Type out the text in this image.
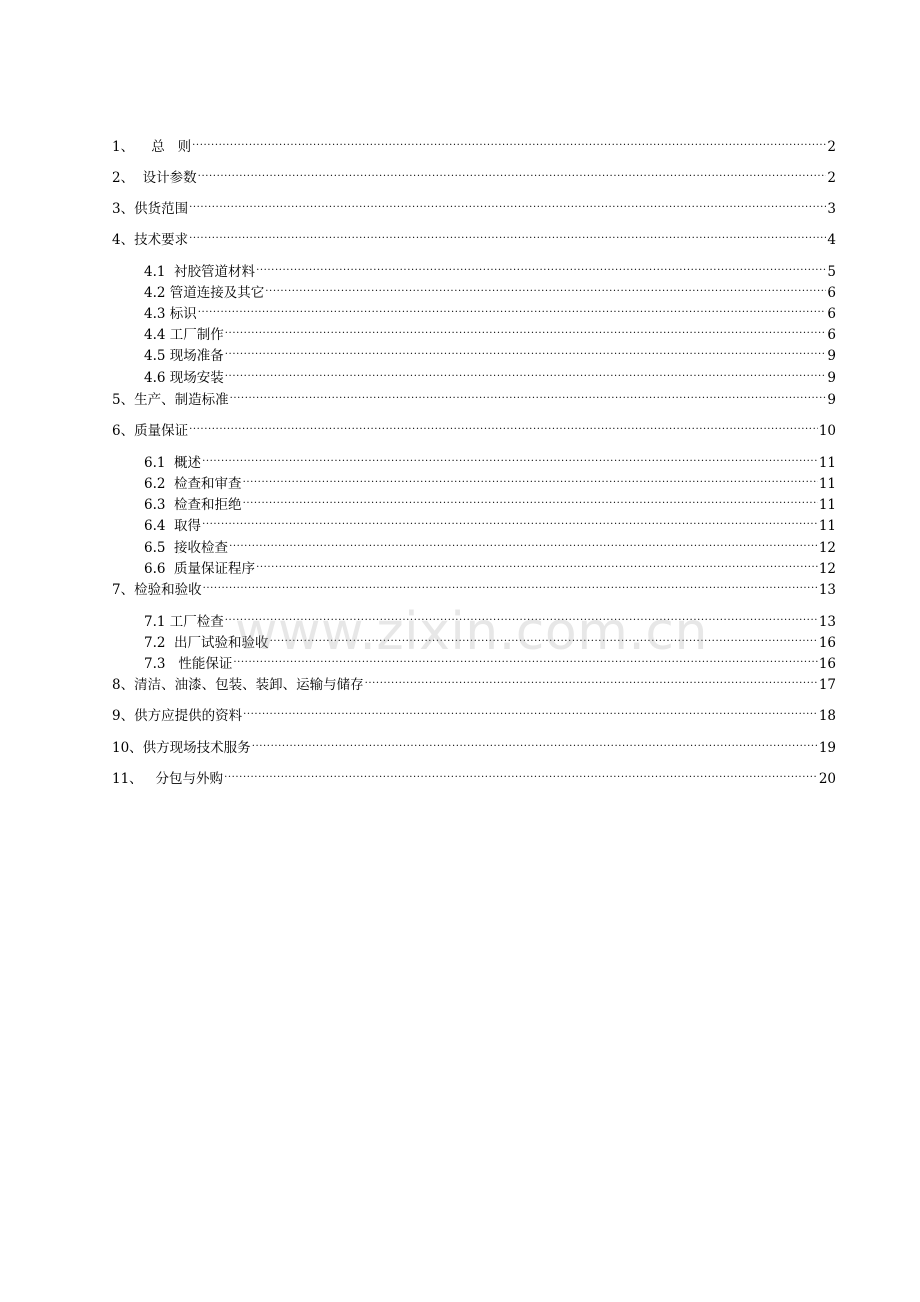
1、    总   则 .....	2
2、  设计参数 .....	2
3、供货范围 .....	3
4、技术要求 .....	4
4.1  衬胶管道材料 .....	5
4.2 管道连接及其它 .....	6
4.3 标识 .....	6
4.4 工厂制作 .....	6
4.5 现场准备 .....	9
4.6 现场安装 .....	9
5、生产、制造标准 .....	9
6、质量保证 .....	10
6.1  概述 .....	11
6.2  检查和审查 .....	11
6.3  检查和拒绝 .....	11
6.4  取得 .....	11
6.5  接收检查 .....	12
6.6  质量保证程序 .....	12
7、检验和验收 .....	13
7.1 工厂检查 .....	13
7.2  出厂试验和验收 .....	16
7.3   性能保证 .....	16
8、清洁、油漆、包装、装卸、运输与储存 .....	17
9、供方应提供的资料 .....	18
10、供方现场技术服务 .....	19
11、   分包与外购 .....	20
www.zixin.com.cn
